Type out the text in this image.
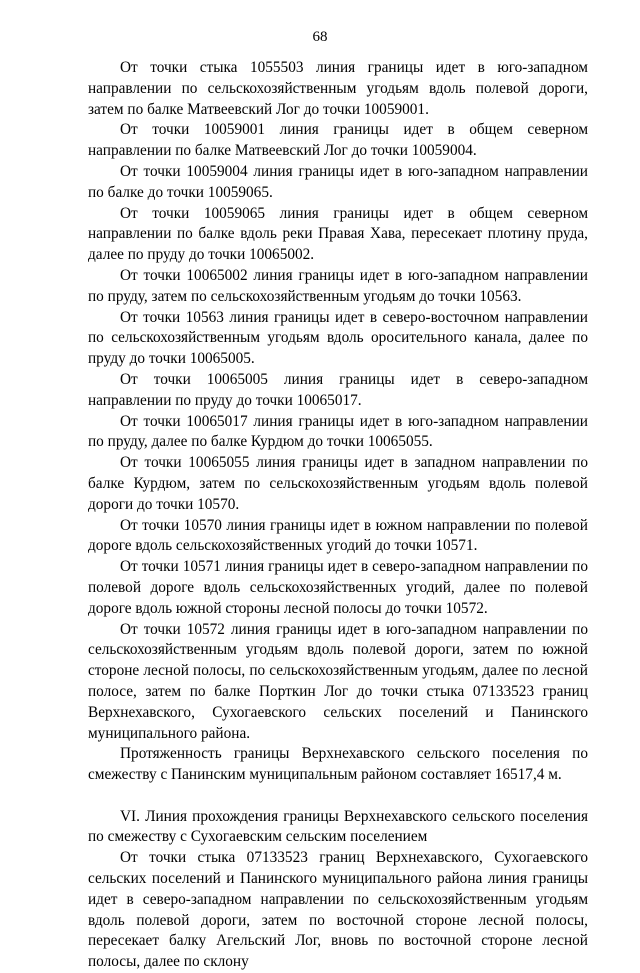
68

От точки стыка 1055503 линия границы идет в юго-западном направлении по сельскохозяйственным угодьям вдоль полевой дороги, затем по балке Матвеевский Лог до точки 10059001.

От точки 10059001 линия границы идет в общем северном направлении по балке Матвеевский Лог до точки 10059004.

От точки 10059004 линия границы идет в юго-западном направлении по балке до точки 10059065.

От точки 10059065 линия границы идет в общем северном направлении по балке вдоль реки Правая Хава, пересекает плотину пруда, далее по пруду до точки 10065002.

От точки 10065002 линия границы идет в юго-западном направлении по пруду, затем по сельскохозяйственным угодьям до точки 10563.

От точки 10563 линия границы идет в северо-восточном направлении по сельскохозяйственным угодьям вдоль оросительного канала, далее по пруду до точки 10065005.

От точки 10065005 линия границы идет в северо-западном направлении по пруду до точки 10065017.

От точки 10065017 линия границы идет в юго-западном направлении по пруду, далее по балке Курдюм до точки 10065055.

От точки 10065055 линия границы идет в западном направлении по балке Курдюм, затем по сельскохозяйственным угодьям вдоль полевой дороги до точки 10570.

От точки 10570 линия границы идет в южном направлении по полевой дороге вдоль сельскохозяйственных угодий до точки 10571.

От точки 10571 линия границы идет в северо-западном направлении по полевой дороге вдоль сельскохозяйственных угодий, далее по полевой дороге вдоль южной стороны лесной полосы до точки 10572.

От точки 10572 линия границы идет в юго-западном направлении по сельскохозяйственным угодьям вдоль полевой дороги, затем по южной стороне лесной полосы, по сельскохозяйственным угодьям, далее по лесной полосе, затем по балке Порткин Лог до точки стыка 07133523 границ Верхнехавского, Сухогаевского сельских поселений и Панинского муниципального района.

Протяженность границы Верхнехавского сельского поселения по смежеству с Панинским муниципальным районом составляет 16517,4 м.

VI. Линия прохождения границы Верхнехавского сельского поселения по смежеству с Сухогаевским сельским поселением

От точки стыка 07133523 границ Верхнехавского, Сухогаевского сельских поселений и Панинского муниципального района линия границы идет в северо-западном направлении по сельскохозяйственным угодьям вдоль полевой дороги, затем по восточной стороне лесной полосы, пересекает балку Агельский Лог, вновь по восточной стороне лесной полосы, далее по склону
